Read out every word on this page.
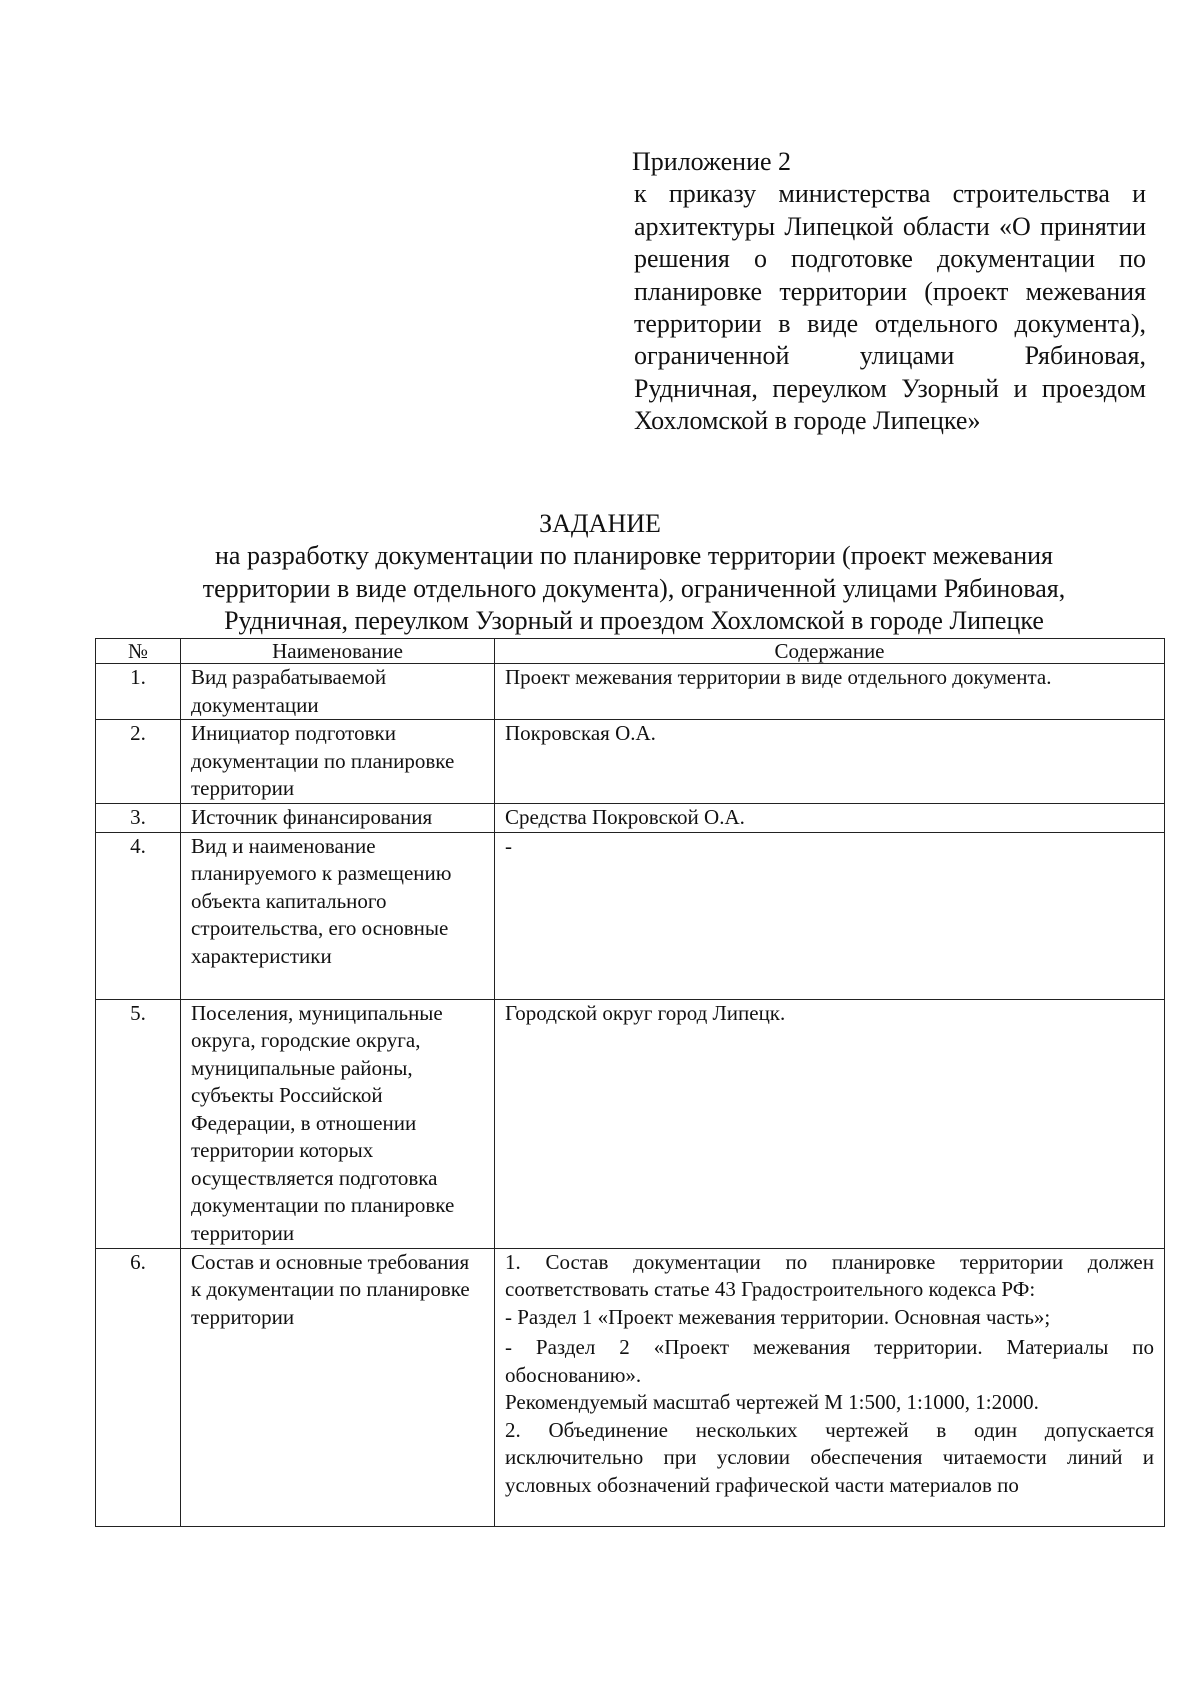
Приложение 2
к приказу министерства строительства и архитектуры Липецкой области «О принятии решения о подготовке документации по планировке территории (проект межевания территории в виде отдельного документа), ограниченной улицами Рябиновая, Рудничная, переулком Узорный и проездом Хохломской в городе Липецке»
ЗАДАНИЕ
на разработку документации по планировке территории (проект межевания территории в виде отдельного документа), ограниченной улицами Рябиновая, Рудничная, переулком Узорный и проездом Хохломской в городе Липецке
№	Наименование	Содержание
1.	Вид разрабатываемой документации	Проект межевания территории в виде отдельного документа.
2.	Инициатор подготовки документации по планировке территории	Покровская О.А.
3.	Источник финансирования	Средства Покровской О.А.
4.	Вид и наименование планируемого к размещению объекта капитального строительства, его основные характеристики	-
5.	Поселения, муниципальные округа, городские округа, муниципальные районы, субъекты Российской Федерации, в отношении территории которых осуществляется подготовка документации по планировке территории	Городской округ город Липецк.
6.	Состав и основные требования к документации по планировке территории	1. Состав документации по планировке территории должен соответствовать статье 43 Градостроительного кодекса РФ:
- Раздел 1 «Проект межевания территории. Основная часть»;
- Раздел 2 «Проект межевания территории. Материалы по обоснованию».
Рекомендуемый масштаб чертежей М 1:500, 1:1000, 1:2000.
2. Объединение нескольких чертежей в один допускается исключительно при условии обеспечения читаемости линий и условных обозначений графической части материалов по
